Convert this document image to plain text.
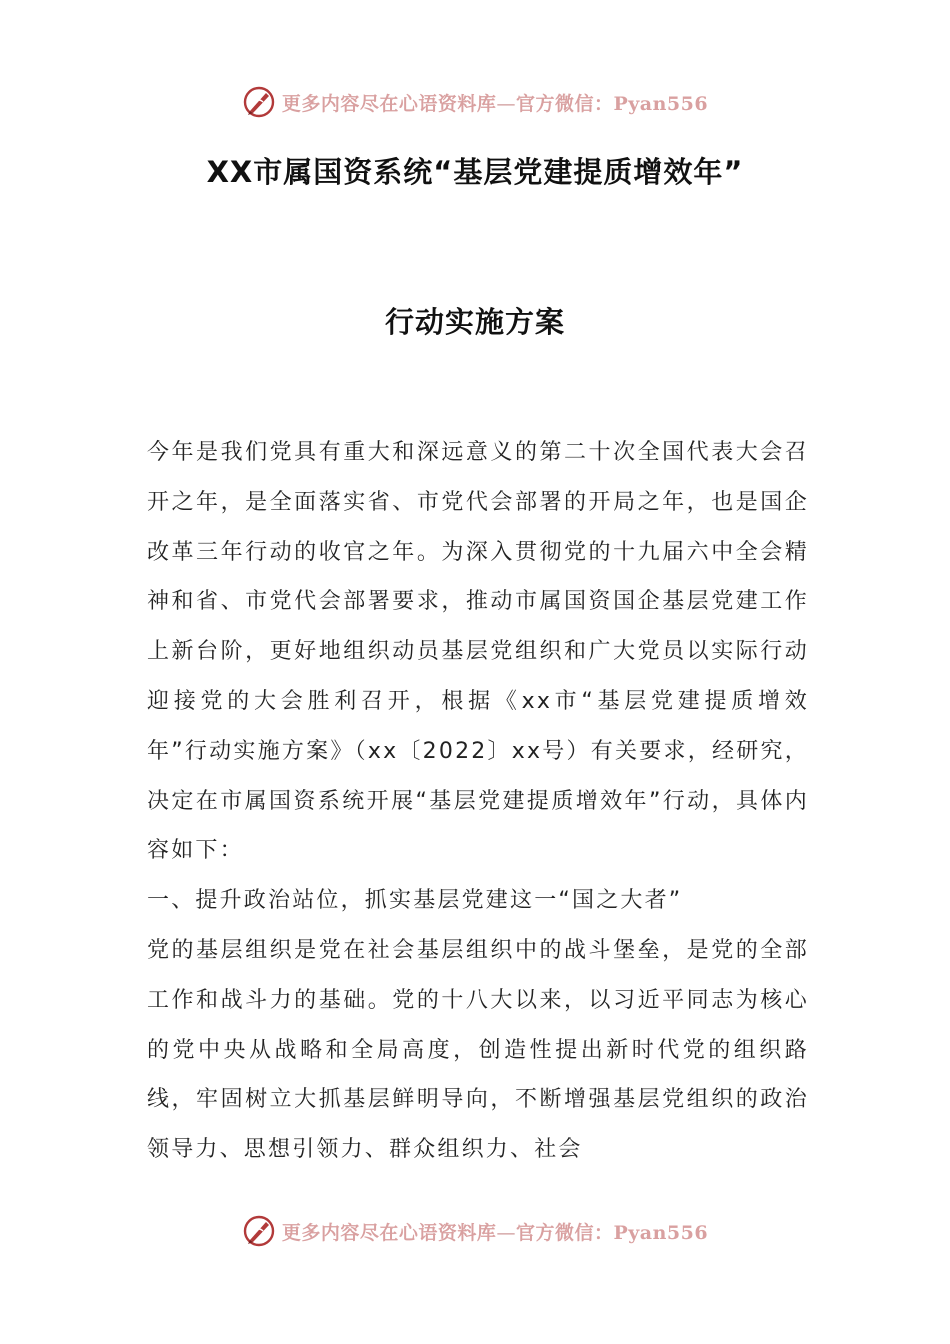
更多内容尽在心语资料库—官方微信：Pyan556
XX市属国资系统“基层党建提质增效年”
行动实施方案

今年是我们党具有重大和深远意义的第二十次全国代表大会召开之年，是全面落实省、市党代会部署的开局之年，也是国企改革三年行动的收官之年。为深入贯彻党的十九届六中全会精神和省、市党代会部署要求，推动市属国资国企基层党建工作上新台阶，更好地组织动员基层党组织和广大党员以实际行动迎接党的大会胜利召开，根据《xx市“基层党建提质增效年”行动实施方案》（xx〔2022〕xx号）有关要求，经研究，决定在市属国资系统开展“基层党建提质增效年”行动，具体内容如下：

一、提升政治站位，抓实基层党建这一“国之大者”

党的基层组织是党在社会基层组织中的战斗堡垒，是党的全部工作和战斗力的基础。党的十八大以来，以习近平同志为核心的党中央从战略和全局高度，创造性提出新时代党的组织路线，牢固树立大抓基层鲜明导向，不断增强基层党组织的政治领导力、思想引领力、群众组织力、社会

更多内容尽在心语资料库—官方微信：Pyan556
